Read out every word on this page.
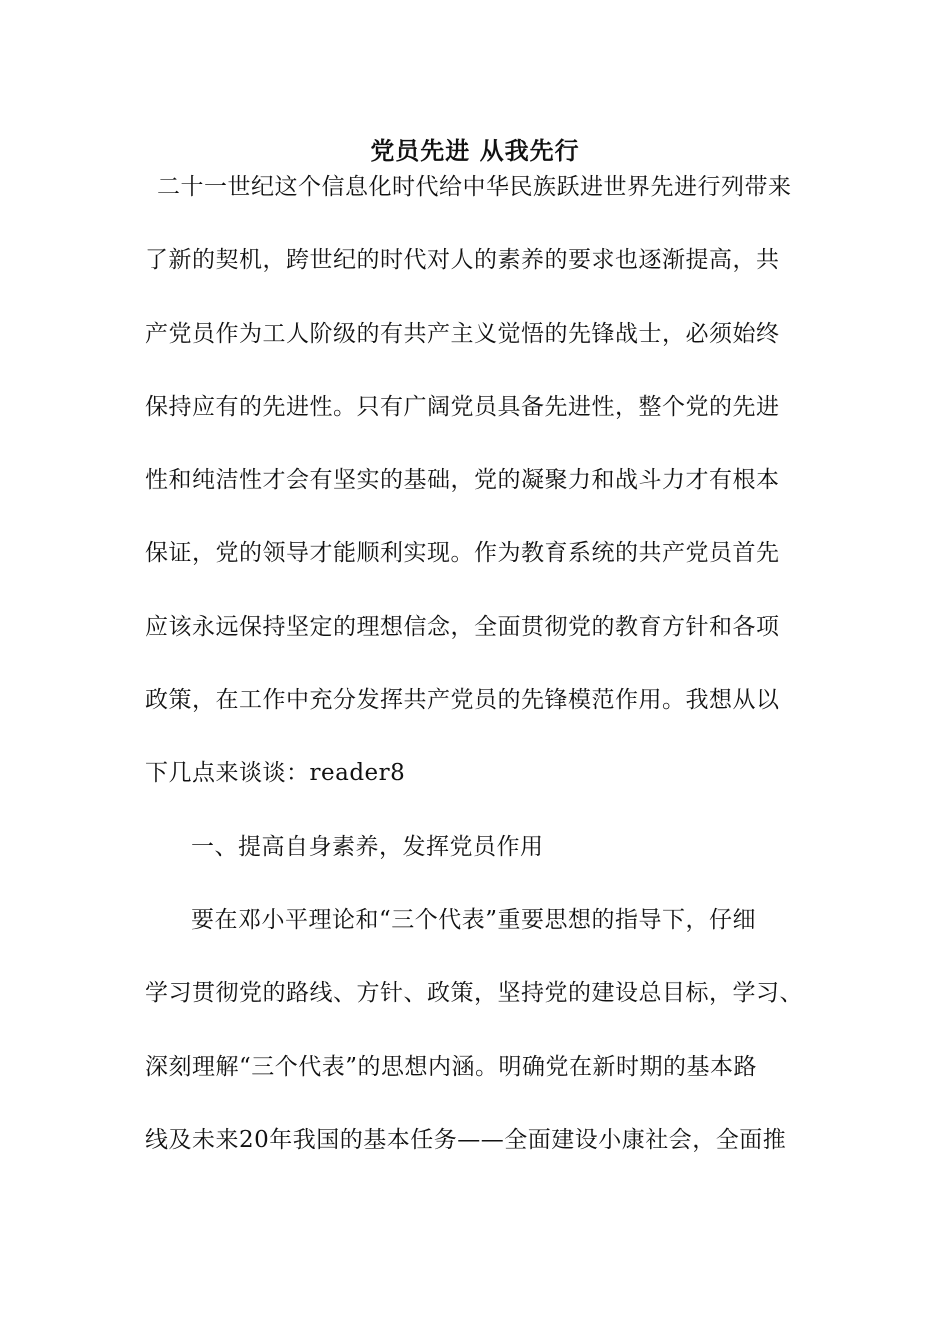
党员先进 从我先行
二十一世纪这个信息化时代给中华民族跃进世界先进行列带来
了新的契机，跨世纪的时代对人的素养的要求也逐渐提高，共
产党员作为工人阶级的有共产主义觉悟的先锋战士，必须始终
保持应有的先进性。只有广阔党员具备先进性，整个党的先进
性和纯洁性才会有坚实的基础，党的凝聚力和战斗力才有根本
保证，党的领导才能顺利实现。作为教育系统的共产党员首先
应该永远保持坚定的理想信念，全面贯彻党的教育方针和各项
政策，在工作中充分发挥共产党员的先锋模范作用。我想从以
下几点来谈谈：reader8
一、提高自身素养，发挥党员作用
要在邓小平理论和“三个代表”重要思想的指导下，仔细
学习贯彻党的路线、方针、政策，坚持党的建设总目标，学习、
深刻理解“三个代表”的思想内涵。明确党在新时期的基本路
线及未来20年我国的基本任务——全面建设小康社会，全面推
